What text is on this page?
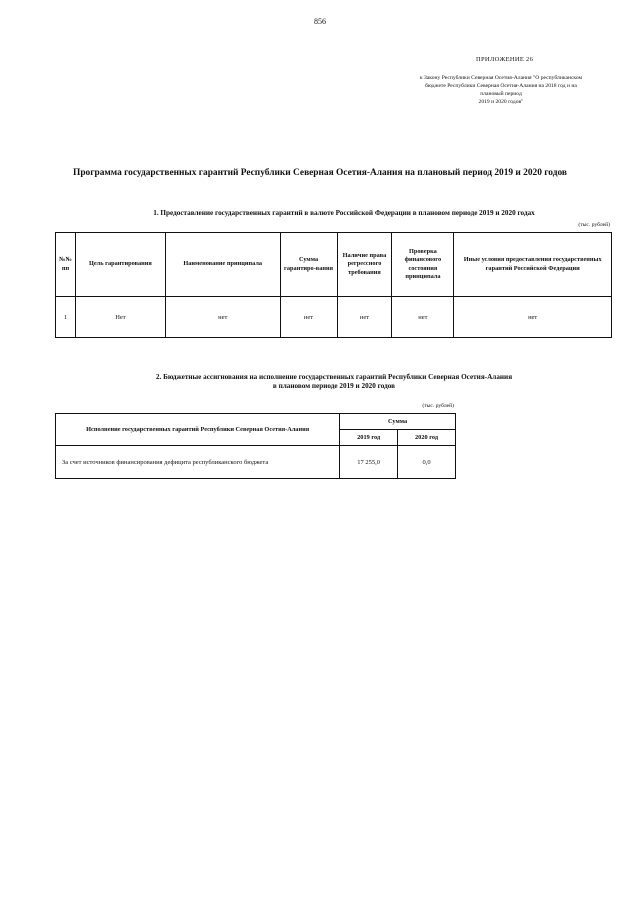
856
ПРИЛОЖЕНИЕ 26
к Закону Республики Северная Осетия-Алания "О республиканском
бюджете Республики Северная Осетия-Алания на 2018 год и на
плановый период
2019 и 2020 годов"
Программа государственных гарантий Республики Северная Осетия-Алания на плановый период 2019 и 2020 годов
1. Предоставление государственных гарантий в валюте Российской Федерации в плановом периоде 2019 и 2020 годах
(тыс. рублей)
№№ пп	Цель гарантирования	Наименование принципала	Сумма гарантиро-вания	Наличие права регрессного требования	Проверка финансового состояния принципала	Иные условия предоставления государственных гарантий Российской Федерации
1	Нет	нет	нет	нет	нет	нет
2. Бюджетные ассигнования на исполнение государственных гарантий Республики Северная Осетия-Алания
в плановом периоде 2019 и 2020 годов
(тыс. рублей)
Исполнение государственных гарантий Республики Северная Осетия-Алания	Сумма	
	2019 год	2020 год
За счет источников финансирования дефицита республиканского бюджета	17 255,0	0,0
